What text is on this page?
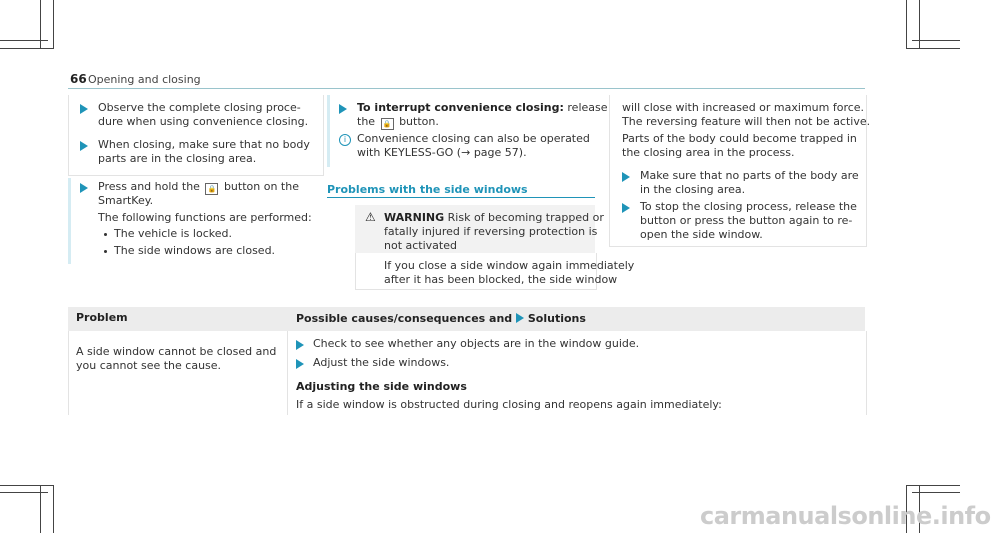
66 Opening and closing
Observe the complete closing proce-
dure when using convenience closing.
When closing, make sure that no body
parts are in the closing area.
Press and hold the 🔒 button on the
SmartKey.
The following functions are performed:
The vehicle is locked.
The side windows are closed.
To interrupt convenience closing: release
the 🔒 button.
i Convenience closing can also be operated
with KEYLESS-GO (→ page 57).
Problems with the side windows
⚠ WARNING Risk of becoming trapped or
fatally injured if reversing protection is
not activated
If you close a side window again immediately
after it has been blocked, the side window
will close with increased or maximum force.
The reversing feature will then not be active.
Parts of the body could become trapped in
the closing area in the process.
Make sure that no parts of the body are
in the closing area.
To stop the closing process, release the
button or press the button again to re-
open the side window.
Problem	Possible causes/consequences and Solutions
A side window cannot be closed and
you cannot see the cause.
Check to see whether any objects are in the window guide.
Adjust the side windows.
Adjusting the side windows
If a side window is obstructed during closing and reopens again immediately:
carmanualsonline.info
